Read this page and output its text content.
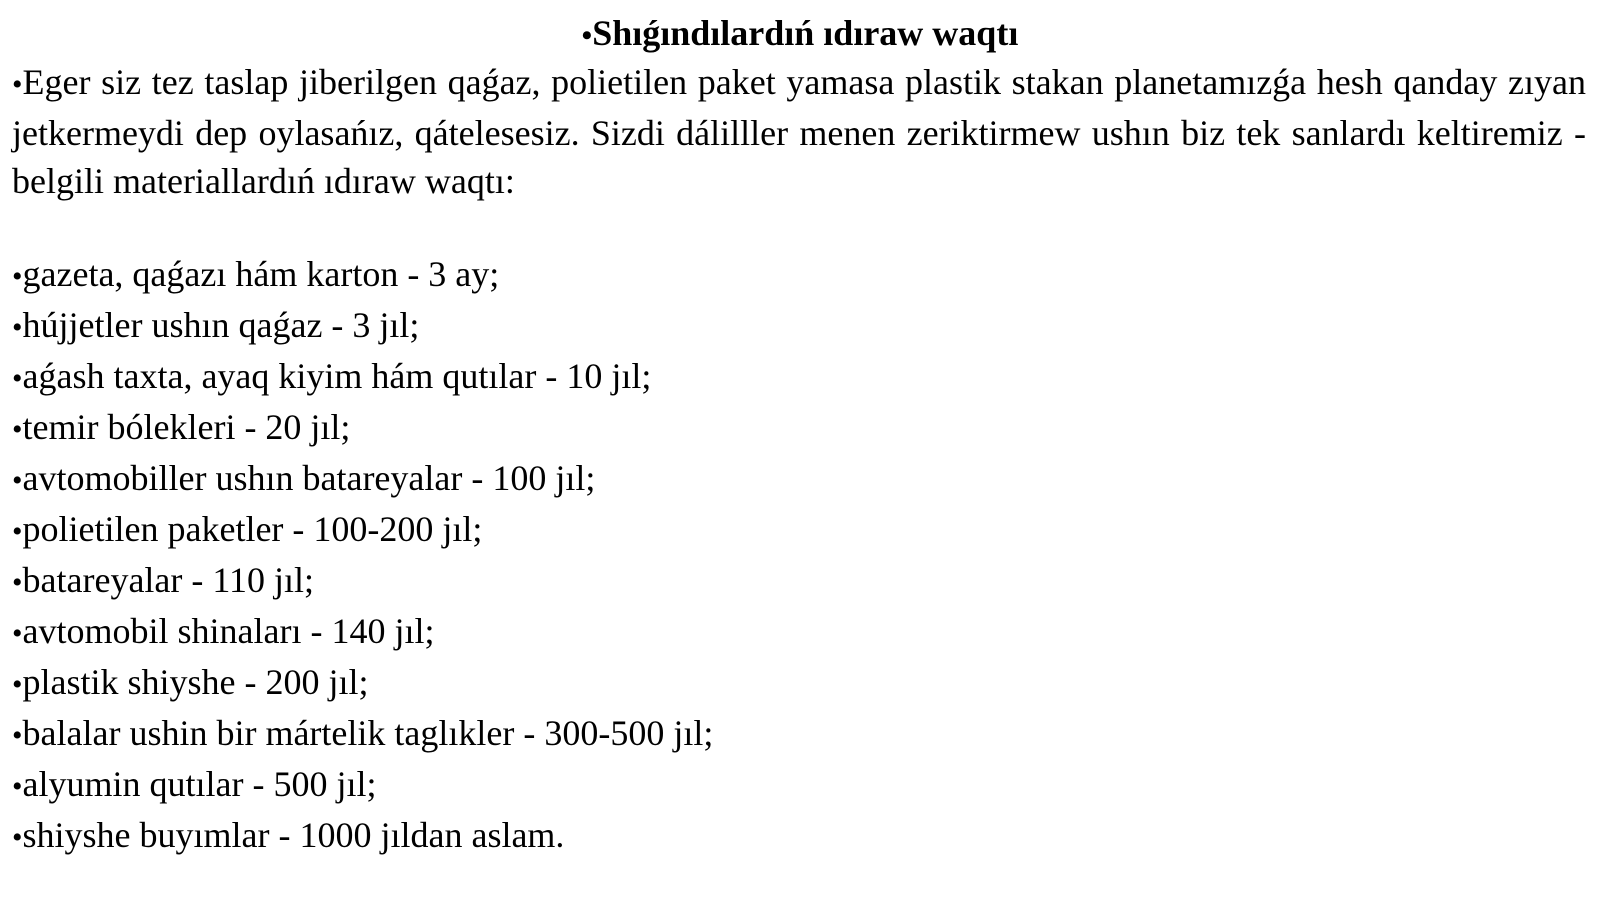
•Shıǵındılardıń ıdıraw waqtı
•Eger siz tez taslap jiberilgen qaǵaz, polietilen paket yamasa plastik stakan planetamızǵa hesh qanday zıyan jetkermeydi dep oylasańız, qátelesesiz. Sizdi dálilller menen zeriktirmew ushın biz tek sanlardı keltiremiz - belgili materiallardıń ıdıraw waqtı:
•gazeta, qaǵazı hám karton - 3 ay;
•hújjetler ushın qaǵaz - 3 jıl;
•aǵash taxta, ayaq kiyim hám qutılar - 10 jıl;
•temir bólekleri - 20 jıl;
•avtomobiller ushın batareyalar - 100 jıl;
•polietilen paketler - 100-200 jıl;
•batareyalar - 110 jıl;
•avtomobil shinaları - 140 jıl;
•plastik shiyshe - 200 jıl;
•balalar ushin bir mártelik taglıkler - 300-500 jıl;
•alyumin qutılar - 500 jıl;
•shiyshe buyımlar - 1000 jıldan aslam.
